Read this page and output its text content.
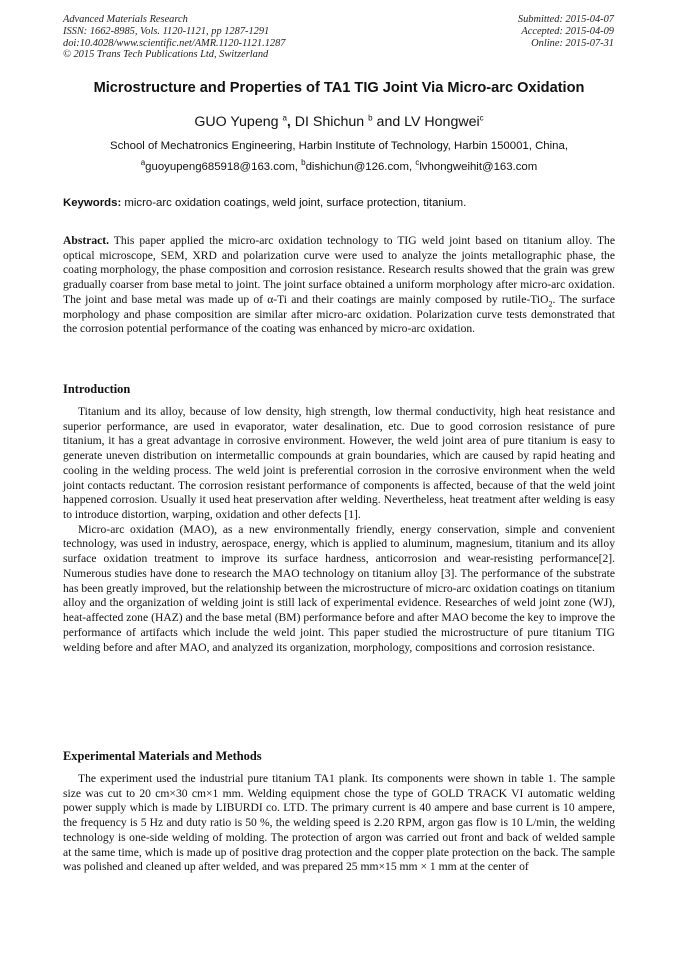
Advanced Materials Research
ISSN: 1662-8985, Vols. 1120-1121, pp 1287-1291
doi:10.4028/www.scientific.net/AMR.1120-1121.1287
© 2015 Trans Tech Publications Ltd, Switzerland
Submitted: 2015-04-07
Accepted: 2015-04-09
Online: 2015-07-31
Microstructure and Properties of TA1 TIG Joint Via Micro-arc Oxidation
GUO Yupeng $^a$, DI Shichun $^b$ and LV Hongwei$^c$
School of Mechatronics Engineering, Harbin Institute of Technology, Harbin 150001, China,
$^a$guoyupeng685918@163.com, $^b$dishichun@126.com, $^c$lvhongweihit@163.com
Keywords: micro-arc oxidation coatings, weld joint, surface protection, titanium.
Abstract. This paper applied the micro-arc oxidation technology to TIG weld joint based on titanium alloy. The optical microscope, SEM, XRD and polarization curve were used to analyze the joints metallographic phase, the coating morphology, the phase composition and corrosion resistance. Research results showed that the grain was grew gradually coarser from base metal to joint. The joint surface obtained a uniform morphology after micro-arc oxidation. The joint and base metal was made up of α-Ti and their coatings are mainly composed by rutile-TiO$_2$. The surface morphology and phase composition are similar after micro-arc oxidation. Polarization curve tests demonstrated that the corrosion potential performance of the coating was enhanced by micro-arc oxidation.
Introduction

Titanium and its alloy, because of low density, high strength, low thermal conductivity, high heat resistance and superior performance, are used in evaporator, water desalination, etc. Due to good corrosion resistance of pure titanium, it has a great advantage in corrosive environment. However, the weld joint area of pure titanium is easy to generate uneven distribution on intermetallic compounds at grain boundaries, which are caused by rapid heating and cooling in the welding process. The weld joint is preferential corrosion in the corrosive environment when the weld joint contacts reductant. The corrosion resistant performance of components is affected, because of that the weld joint happened corrosion. Usually it used heat preservation after welding. Nevertheless, heat treatment after welding is easy to introduce distortion, warping, oxidation and other defects [1].

Micro-arc oxidation (MAO), as a new environmentally friendly, energy conservation, simple and convenient technology, was used in industry, aerospace, energy, which is applied to aluminum, magnesium, titanium and its alloy surface oxidation treatment to improve its surface hardness, anticorrosion and wear-resisting performance[2]. Numerous studies have done to research the MAO technology on titanium alloy [3]. The performance of the substrate has been greatly improved, but the relationship between the microstructure of micro-arc oxidation coatings on titanium alloy and the organization of welding joint is still lack of experimental evidence. Researches of weld joint zone (WJ), heat-affected zone (HAZ) and the base metal (BM) performance before and after MAO become the key to improve the performance of artifacts which include the weld joint. This paper studied the microstructure of pure titanium TIG welding before and after MAO, and analyzed its organization, morphology, compositions and corrosion resistance.

Experimental Materials and Methods

The experiment used the industrial pure titanium TA1 plank. Its components were shown in table 1. The sample size was cut to 20 cm×30 cm×1 mm. Welding equipment chose the type of GOLD TRACK VI automatic welding power supply which is made by LIBURDI co. LTD. The primary current is 40 ampere and base current is 10 ampere, the frequency is 5 Hz and duty ratio is 50 %, the welding speed is 2.20 RPM, argon gas flow is 10 L/min, the welding technology is one-side welding of molding. The protection of argon was carried out front and back of welded sample at the same time, which is made up of positive drag protection and the copper plate protection on the back. The sample was polished and cleaned up after welded, and was prepared 25 mm×15 mm × 1 mm at the center of
